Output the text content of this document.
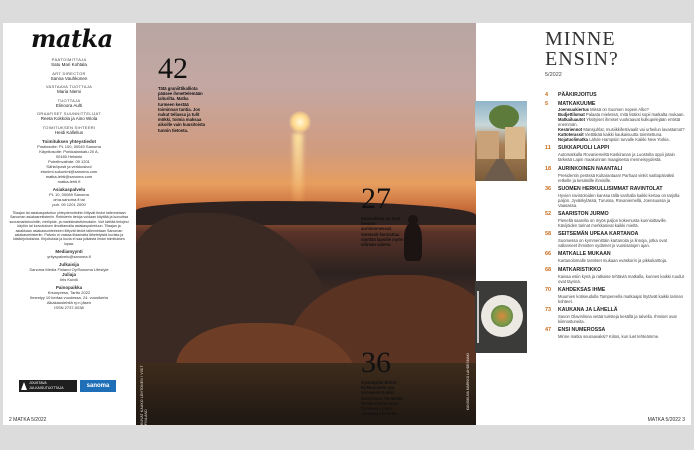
matka
PÄÄTOIMITTAJA
Satu Mari Kohtala
ART DIRECTOR
Sanna Vauhkonen
VASTAAVA TUOTTAJA
Maria Niemi
TUOTTAJA
Elinoora Aulti
GRAAFISET SUUNNITTELIJAT
Reeta Kokkola ja Aino Wiola
TOIMITUKSEN SIHTEERI
Heidi Kallelius
Toimituksen yhteystiedot
Postiosoite: PL 100, 00040 Sanoma
Käyntiosoite: Porkkalankatu 20 A,
00180 Helsinki
Puhelinvaihde: 09 1201
Sähköposti ja verkkosivut
etunimi.sukunimi@sanoma.com
matka-lehti@sanoma.com
matka-lehti.fi
Asiakaspalvelu
PL 10, 00089 Sanoma
oma.sanoma.fi tai
puh. 09 1201 2000
Tilaajan tai asiakaspalvelun yhteydenottoihin liittyvät tiedot tallennetaan Sanoman asiakasrekisteriin. Rekisterin tietoja voidaan käyttää ja luovuttaa suoramarkkinointiin, mielipide- ja markkinatutkimuksiin. Voit kieltää tietojesi käytön tai luovutuksen ilmoittamalla asiakaspalveluun. Tilaajan ja asiakkaan asiakassuhteeseen liittyvät tiedot tallennetaan Sanoman asiakasrekisteriin. Palvelu ei vastaa tilaamatta lähetetyistä kuvista ja käsikirjoituksista. Kirjoituksia ja kuvia ei saa julkaista ilman toimituksen lupaa.
Mediamyynti
yrityspalvelu@sanoma.fi
Julkaisija
Sanoma Media Finland Oy/Sanoma Lifestyle
Juliaja
Iiris Kuivik
Painopaikka
Krsonpress, Tartto 2022
Ilmestyy 10 kertaa vuodessa, 24. vuosikerta
Aikakauslehtiä ry:n jäsen
ISSN 2737-0038
JOUSTAVA JULKAISUTUOTTAJA	sanoma
2 MATKA 5/2022	KUVAT KAUKO LEHTONEN / VISIT FINLAND
KANSIKUVA MARKKU LAHDESMAKI
42
Tätä graniittikalliota pääsee ihmettelemään laiturilta. Matka turmeen kestää toiminnan tuntia. Jos nukut tellassa ja tulit mökki, toimia maksaa aikoille vain kuusitoista tunnin tietosta.
27
Naantalissa on tänä kesänä aurinkomessut. Varmasti kannattaa näyttää lapsille myös vihreän sateen.
36
Jyväskylän Bistro Kirkkopuisto saa nimeensä Kaikki Suomessa. Itä-Idästä herkkuruokia koko Suomeen, josta Jyväskylä kiittelee.
MINNE
ENSIN?
5/2022
4	PÄÄKIRJOITUS
5	MATKAKUUME
Joensuukiertus Missä on Suomen nopein Alko?
Budjettilomat Palaata mielessä, mitä lisäksi sopii matkalta mukaan.
Matkailuautot Yksityiset ihmiset vuokraavat kulkupelejään entistä enemmän.
Kesäriennot Mansjuhlat, musiikkifestivaalit vai urheilun lavastamot?
Kattoterassit Viettäkää kaikki kaukaisuutta toimitettuna.
Nojatuolimatka Lähde Hampsiin turvalle Kaikki New Yorkia.
11	SUKKAPUOLI LAPPI
Automatkalla Rovaniemeltä Kaskiranan ja Luostolta oppii jotain tärkeää Lapin maakunnan maagisesta menneisyydestä.
18	AURINKOINEN NAANTALI
Presidentin perässä Kultarantaan! Parhaat vinkit naittopäiväksi retkelle ja kesäisille ihmisille.
36	SUOMEN HERKULLISIMMAT RAVINTOLAT
Hyvien ravintoloiden kanssa tällä vanhalla kaikki kertaa on tarjolla paljon. Jyväskylässä, Turussa, Rovaniemellä, Joensuussa ja Vaasassa.
52	SAARISTON JURMO
Pienellä saarella on myös paljon kokemusta kunnioittaville. Kävijöiden tarinat merkkasivat kaikki mieltä.
58	SEITSEMÄN UPEAA KARTANOA
Suomessa on kymmenittäin kartanoita ja linnoja, jotka ovat vallanneet ihmisten sydämet jo vuosisatojen ajan.
66	MATKALLE MUKAAN
Kartanolomalle tarvitset mukaan eväskorin ja pikkukarttoja.
68	MATKARISTIKKO
Kaivaa esiin kynä ja ratkaise tehtäviä matkalla, kunnes kaikki ruudut ovat täynnä.
70	KAHDEKSAS IHME
Muumien kotiseudulla Tampereella matkaajat löytävät kaikki tarinan kohteet.
73	KAUKANA JA LÄHELLÄ
Savon Olavinlinna vetää turisteja kesällä ja talvella. Ihmiset ovat kiinnostuneita.
47	ENSI NUMEROSSA
Minne matka seuraavaksi? Kiitos, kun luet lehteämme.
MATKA 5/2022 3
